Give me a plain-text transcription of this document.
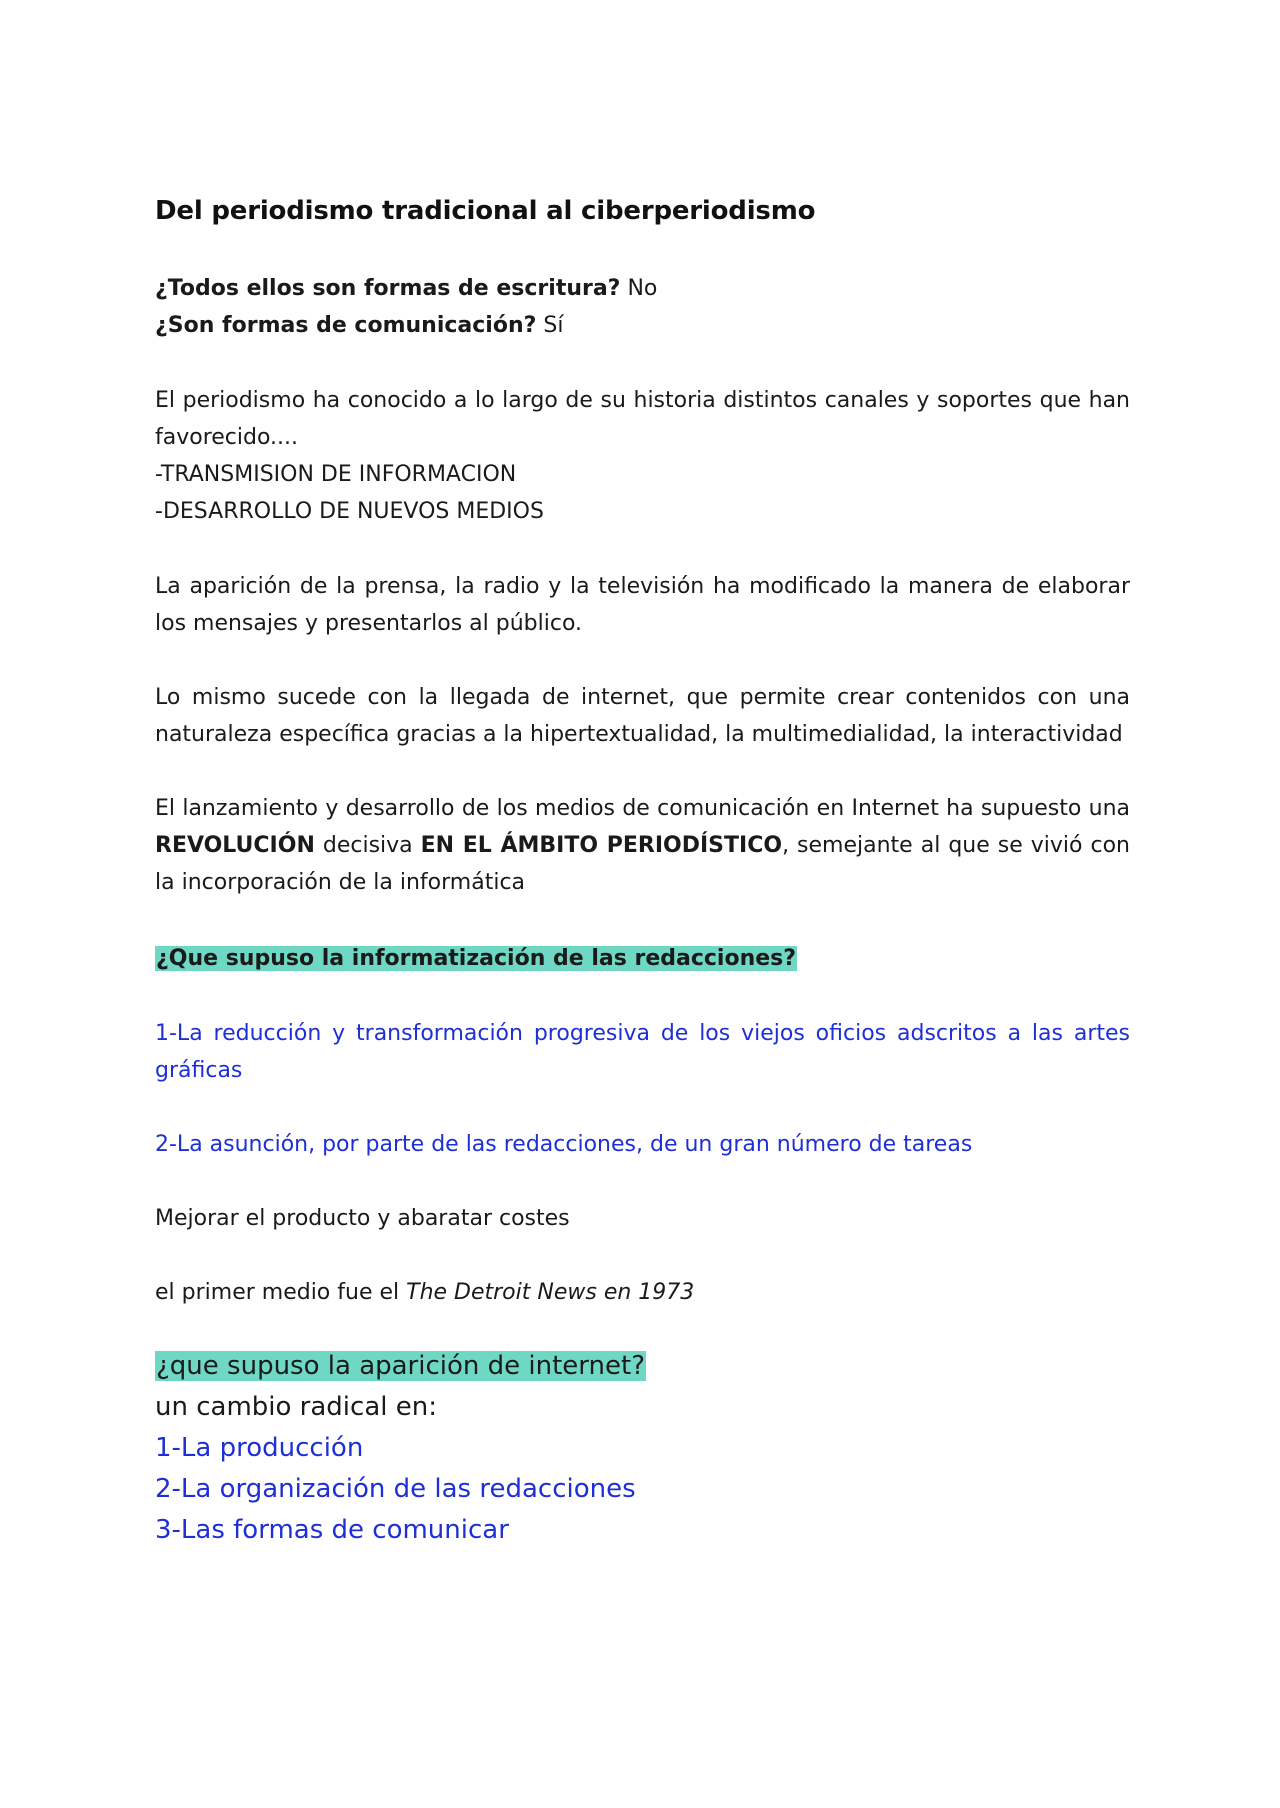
Del periodismo tradicional al ciberperiodismo
¿Todos ellos son formas de escritura? No
¿Son formas de comunicación? Sí

El periodismo ha conocido a lo largo de su historia distintos canales y soportes que han favorecido....

-TRANSMISION DE INFORMACION
-DESARROLLO DE NUEVOS MEDIOS

La aparición de la prensa, la radio y la televisión ha modificado la manera de elaborar los mensajes y presentarlos al público.

Lo mismo sucede con la llegada de internet, que permite crear contenidos con una naturaleza específica gracias a la hipertextualidad, la multimedialidad, la interactividad

El lanzamiento y desarrollo de los medios de comunicación en Internet ha supuesto una REVOLUCIÓN decisiva EN EL ÁMBITO PERIODÍSTICO, semejante al que se vivió con la incorporación de la informática

¿Que supuso la informatización de las redacciones?

1-La reducción y transformación progresiva de los viejos oficios adscritos a las artes gráficas

2-La asunción, por parte de las redacciones, de un gran número de tareas

Mejorar el producto y abaratar costes

el primer medio fue el The Detroit News en 1973

¿que supuso la aparición de internet?
un cambio radical en:
1-La producción
2-La organización de las redacciones
3-Las formas de comunicar
